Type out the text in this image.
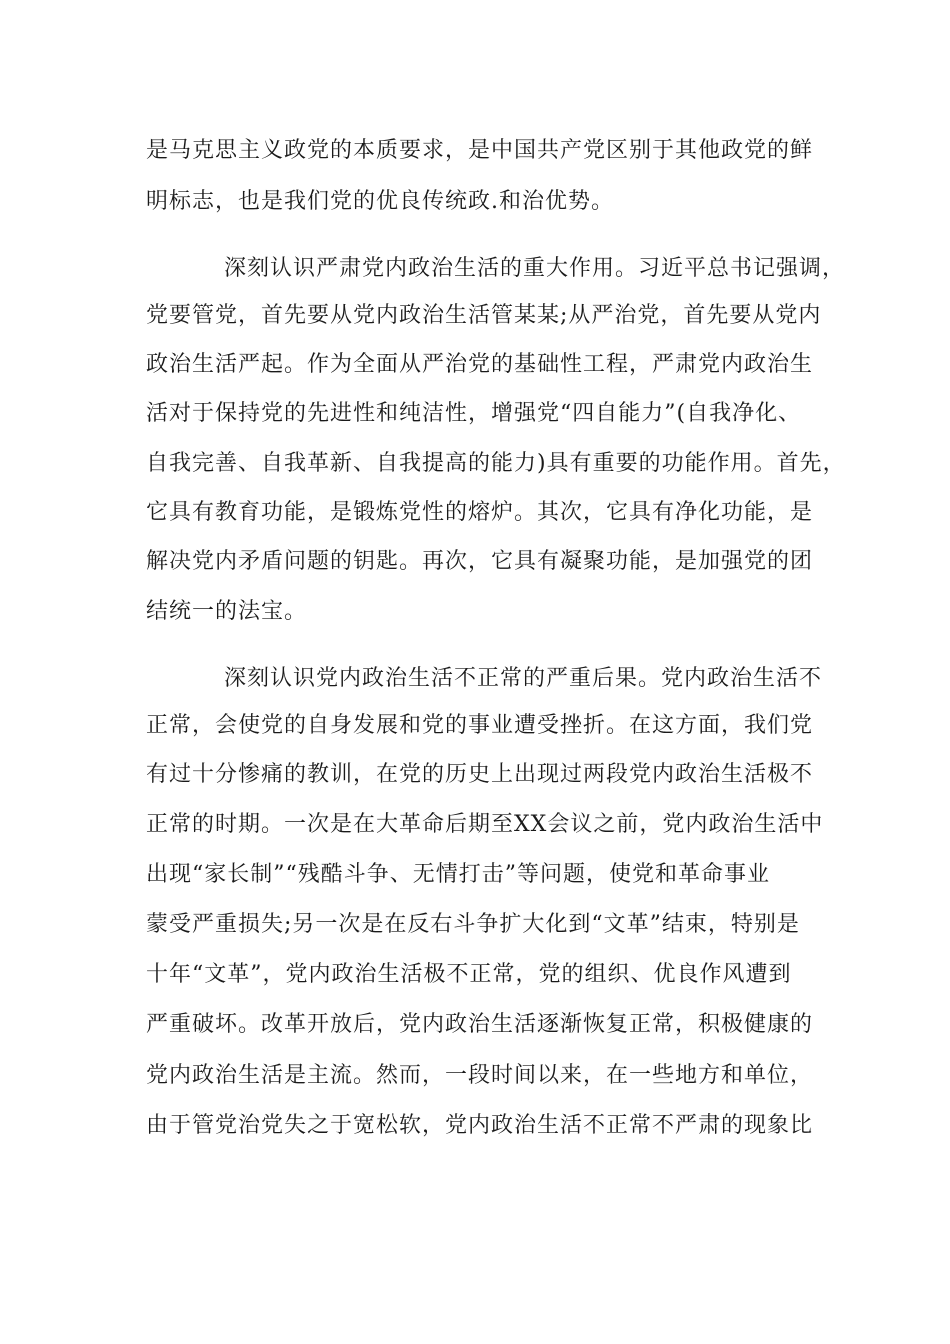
是马克思主义政党的本质要求，是中国共产党区别于其他政党的鲜
明标志，也是我们党的优良传统政.和治优势。
深刻认识严肃党内政治生活的重大作用。习近平总书记强调，
党要管党，首先要从党内政治生活管某某;从严治党，首先要从党内
政治生活严起。作为全面从严治党的基础性工程，严肃党内政治生
活对于保持党的先进性和纯洁性，增强党“四自能力”(自我净化、
自我完善、自我革新、自我提高的能力)具有重要的功能作用。首先，
它具有教育功能，是锻炼党性的熔炉。其次，它具有净化功能，是
解决党内矛盾问题的钥匙。再次，它具有凝聚功能，是加强党的团
结统一的法宝。
深刻认识党内政治生活不正常的严重后果。党内政治生活不
正常，会使党的自身发展和党的事业遭受挫折。在这方面，我们党
有过十分惨痛的教训，在党的历史上出现过两段党内政治生活极不
正常的时期。一次是在大革命后期至XX会议之前，党内政治生活中
出现“家长制”“残酷斗争、无情打击”等问题，使党和革命事业
蒙受严重损失;另一次是在反右斗争扩大化到“文革”结束，特别是
十年“文革”，党内政治生活极不正常，党的组织、优良作风遭到
严重破坏。改革开放后，党内政治生活逐渐恢复正常，积极健康的
党内政治生活是主流。然而，一段时间以来，在一些地方和单位，
由于管党治党失之于宽松软，党内政治生活不正常不严肃的现象比
